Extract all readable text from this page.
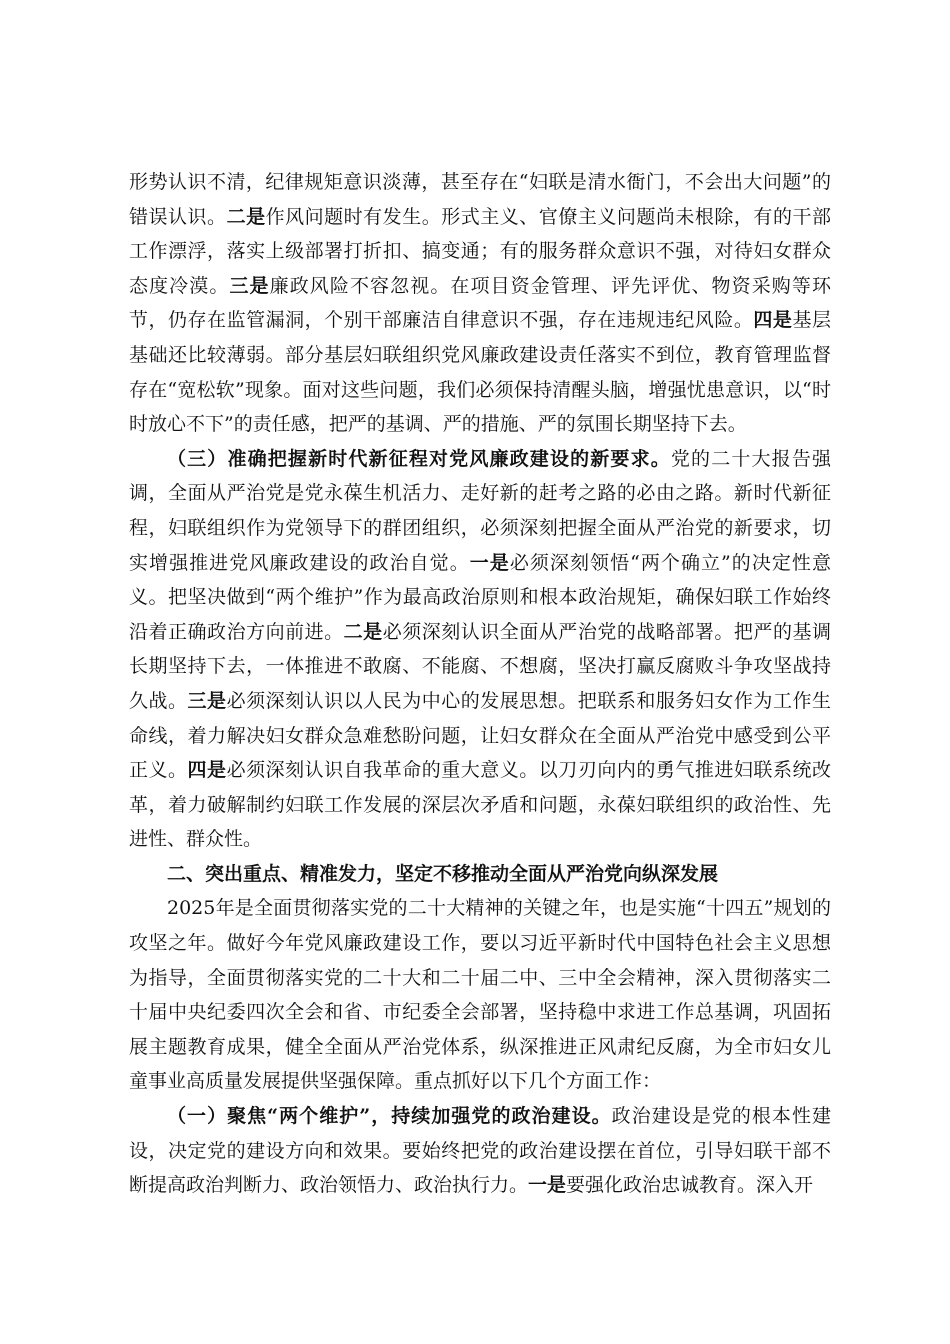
形势认识不清，纪律规矩意识淡薄，甚至存在“妇联是清水衙门，不会出大问题”的错误认识。二是作风问题时有发生。形式主义、官僚主义问题尚未根除，有的干部工作漂浮，落实上级部署打折扣、搞变通；有的服务群众意识不强，对待妇女群众态度冷漠。三是廉政风险不容忽视。在项目资金管理、评先评优、物资采购等环节，仍存在监管漏洞，个别干部廉洁自律意识不强，存在违规违纪风险。四是基层基础还比较薄弱。部分基层妇联组织党风廉政建设责任落实不到位，教育管理监督存在“宽松软”现象。面对这些问题，我们必须保持清醒头脑，增强忧患意识，以“时时放心不下”的责任感，把严的基调、严的措施、严的氛围长期坚持下去。

（三）准确把握新时代新征程对党风廉政建设的新要求。党的二十大报告强调，全面从严治党是党永葆生机活力、走好新的赶考之路的必由之路。新时代新征程，妇联组织作为党领导下的群团组织，必须深刻把握全面从严治党的新要求，切实增强推进党风廉政建设的政治自觉。一是必须深刻领悟“两个确立”的决定性意义。把坚决做到“两个维护”作为最高政治原则和根本政治规矩，确保妇联工作始终沿着正确政治方向前进。二是必须深刻认识全面从严治党的战略部署。把严的基调长期坚持下去，一体推进不敢腐、不能腐、不想腐，坚决打赢反腐败斗争攻坚战持久战。三是必须深刻认识以人民为中心的发展思想。把联系和服务妇女作为工作生命线，着力解决妇女群众急难愁盼问题，让妇女群众在全面从严治党中感受到公平正义。四是必须深刻认识自我革命的重大意义。以刀刃向内的勇气推进妇联系统改革，着力破解制约妇联工作发展的深层次矛盾和问题，永葆妇联组织的政治性、先进性、群众性。

二、突出重点、精准发力，坚定不移推动全面从严治党向纵深发展

2025年是全面贯彻落实党的二十大精神的关键之年，也是实施“十四五”规划的攻坚之年。做好今年党风廉政建设工作，要以习近平新时代中国特色社会主义思想为指导，全面贯彻落实党的二十大和二十届二中、三中全会精神，深入贯彻落实二十届中央纪委四次全会和省、市纪委全会部署，坚持稳中求进工作总基调，巩固拓展主题教育成果，健全全面从严治党体系，纵深推进正风肃纪反腐，为全市妇女儿童事业高质量发展提供坚强保障。重点抓好以下几个方面工作：

（一）聚焦“两个维护”，持续加强党的政治建设。政治建设是党的根本性建设，决定党的建设方向和效果。要始终把党的政治建设摆在首位，引导妇联干部不断提高政治判断力、政治领悟力、政治执行力。一是要强化政治忠诚教育。深入开
